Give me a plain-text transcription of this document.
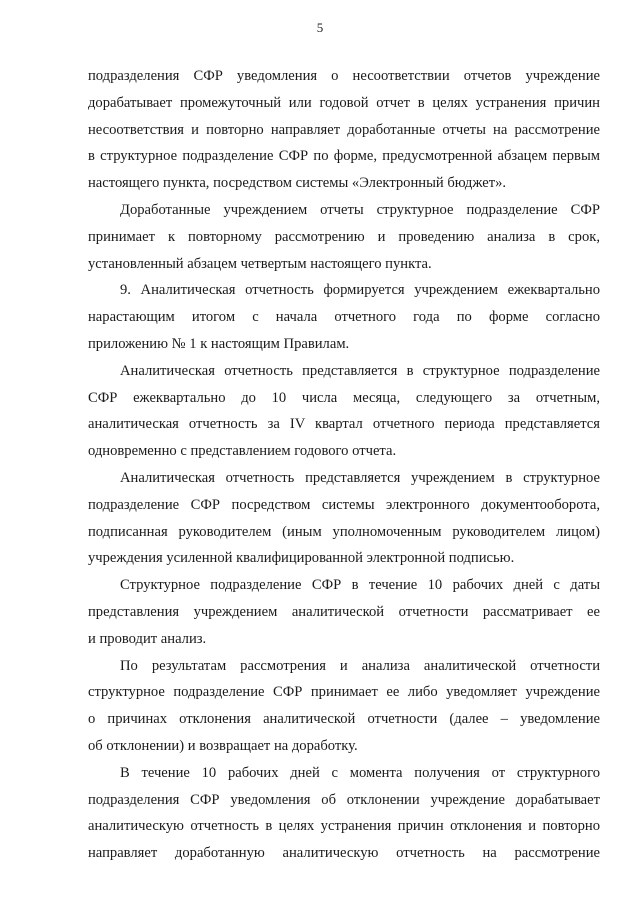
5
подразделения СФР уведомления о несоответствии отчетов учреждение
дорабатывает промежуточный или годовой отчет в целях устранения причин
несоответствия и повторно направляет доработанные отчеты на рассмотрение
в структурное подразделение СФР по форме, предусмотренной абзацем первым
настоящего пункта, посредством системы «Электронный бюджет».
Доработанные учреждением отчеты структурное подразделение СФР
принимает к повторному рассмотрению и проведению анализа в срок,
установленный абзацем четвертым настоящего пункта.
9. Аналитическая отчетность формируется учреждением ежеквартально
нарастающим итогом с начала отчетного года по форме согласно
приложению № 1 к настоящим Правилам.
Аналитическая отчетность представляется в структурное подразделение
СФР ежеквартально до 10 числа месяца, следующего за отчетным,
аналитическая отчетность за IV квартал отчетного периода представляется
одновременно с представлением годового отчета.
Аналитическая отчетность представляется учреждением в структурное
подразделение СФР посредством системы электронного документооборота,
подписанная руководителем (иным уполномоченным руководителем лицом)
учреждения усиленной квалифицированной электронной подписью.
Структурное подразделение СФР в течение 10 рабочих дней с даты
представления учреждением аналитической отчетности рассматривает ее
и проводит анализ.
По результатам рассмотрения и анализа аналитической отчетности
структурное подразделение СФР принимает ее либо уведомляет учреждение
о причинах отклонения аналитической отчетности (далее – уведомление
об отклонении) и возвращает на доработку.
В течение 10 рабочих дней с момента получения от структурного
подразделения СФР уведомления об отклонении учреждение дорабатывает
аналитическую отчетность в целях устранения причин отклонения и повторно
направляет доработанную аналитическую отчетность на рассмотрение
